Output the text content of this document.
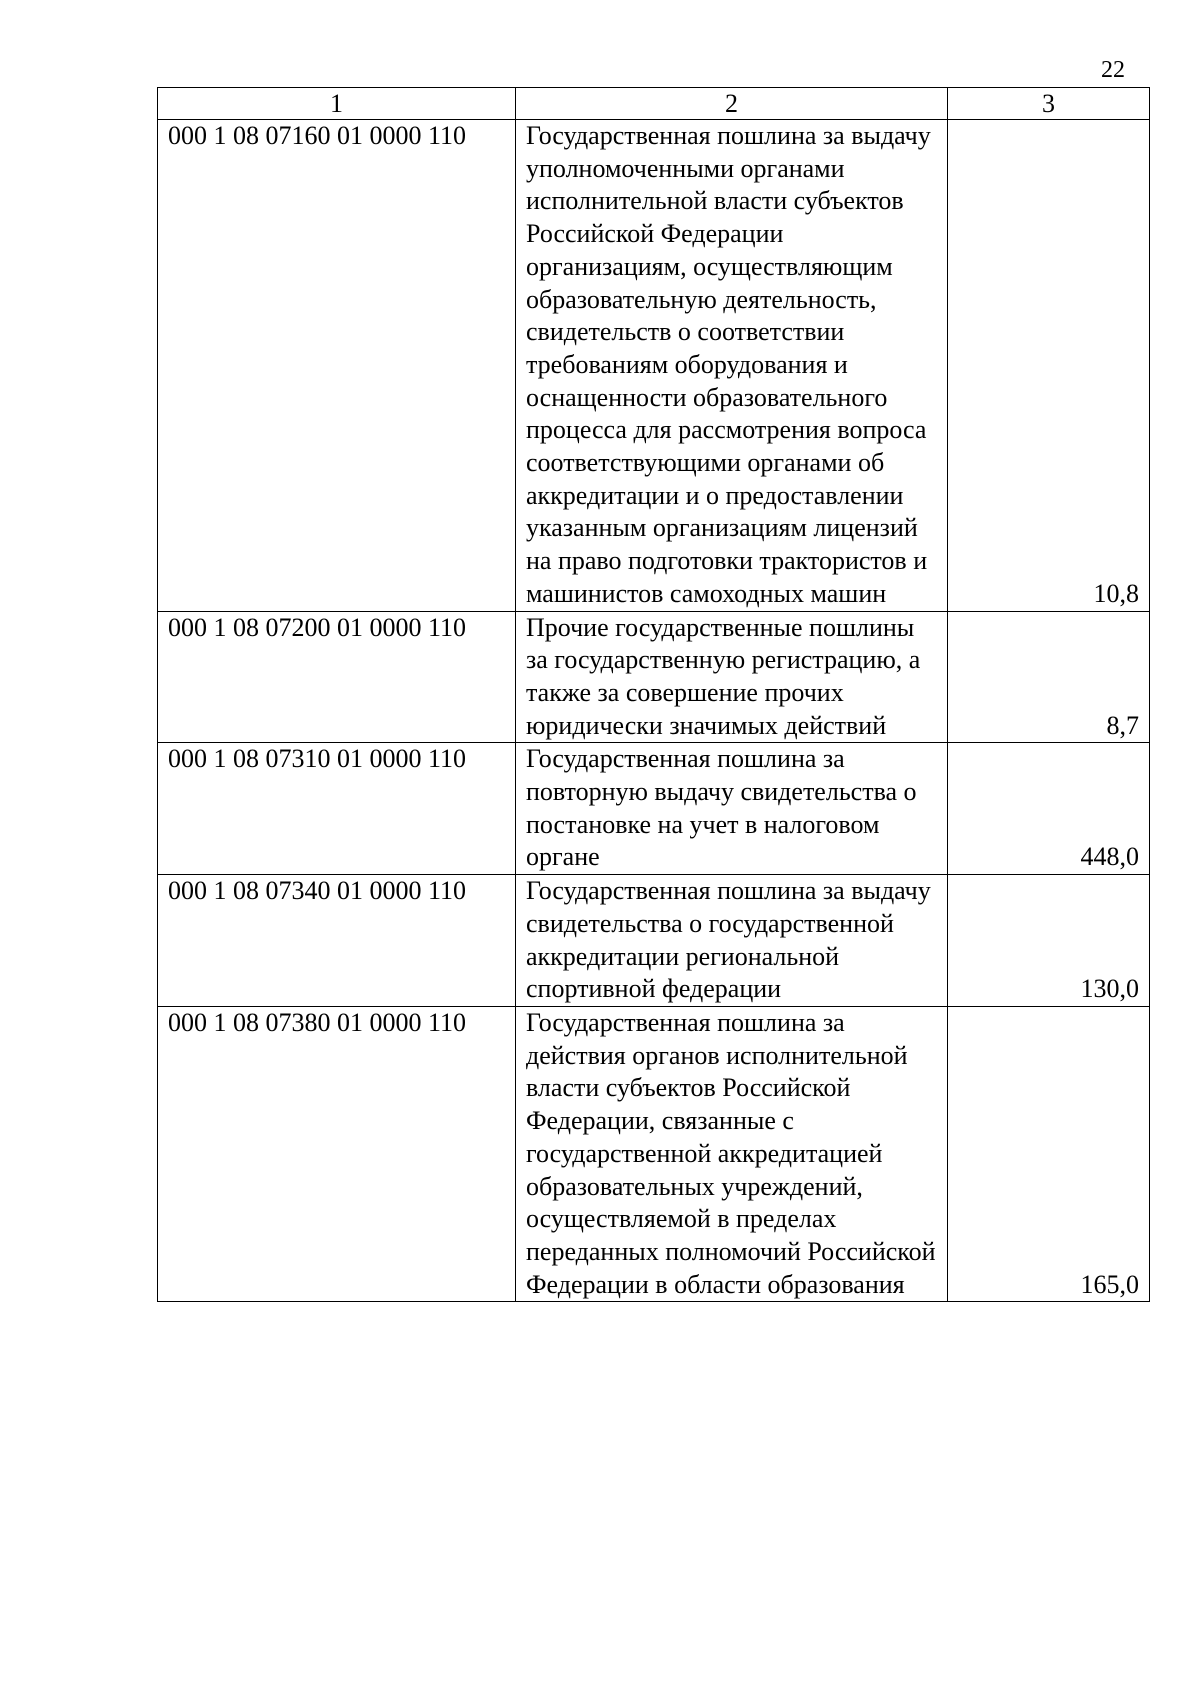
22
1	2	3
000 1 08 07160 01 0000 110	Государственная пошлина за выдачу уполномоченными органами исполнительной власти субъектов Российской Федерации организациям, осуществляющим образовательную деятельность, свидетельств о соответствии требованиям оборудования и оснащенности образовательного процесса для рассмотрения вопроса соответствующими органами об аккредитации и о предоставлении указанным организациям лицензий на право подготовки трактористов и машинистов самоходных машин	10,8
000 1 08 07200 01 0000 110	Прочие государственные пошлины за государственную регистрацию, а также за совершение прочих юридически значимых действий	8,7
000 1 08 07310 01 0000 110	Государственная пошлина за повторную выдачу свидетельства о постановке на учет в налоговом органе	448,0
000 1 08 07340 01 0000 110	Государственная пошлина за выдачу свидетельства о государственной аккредитации региональной спортивной федерации	130,0
000 1 08 07380 01 0000 110	Государственная пошлина за действия органов исполнительной власти субъектов Российской Федерации, связанные с государственной аккредитацией образовательных учреждений, осуществляемой в пределах переданных полномочий Российской Федерации в области образования	165,0
